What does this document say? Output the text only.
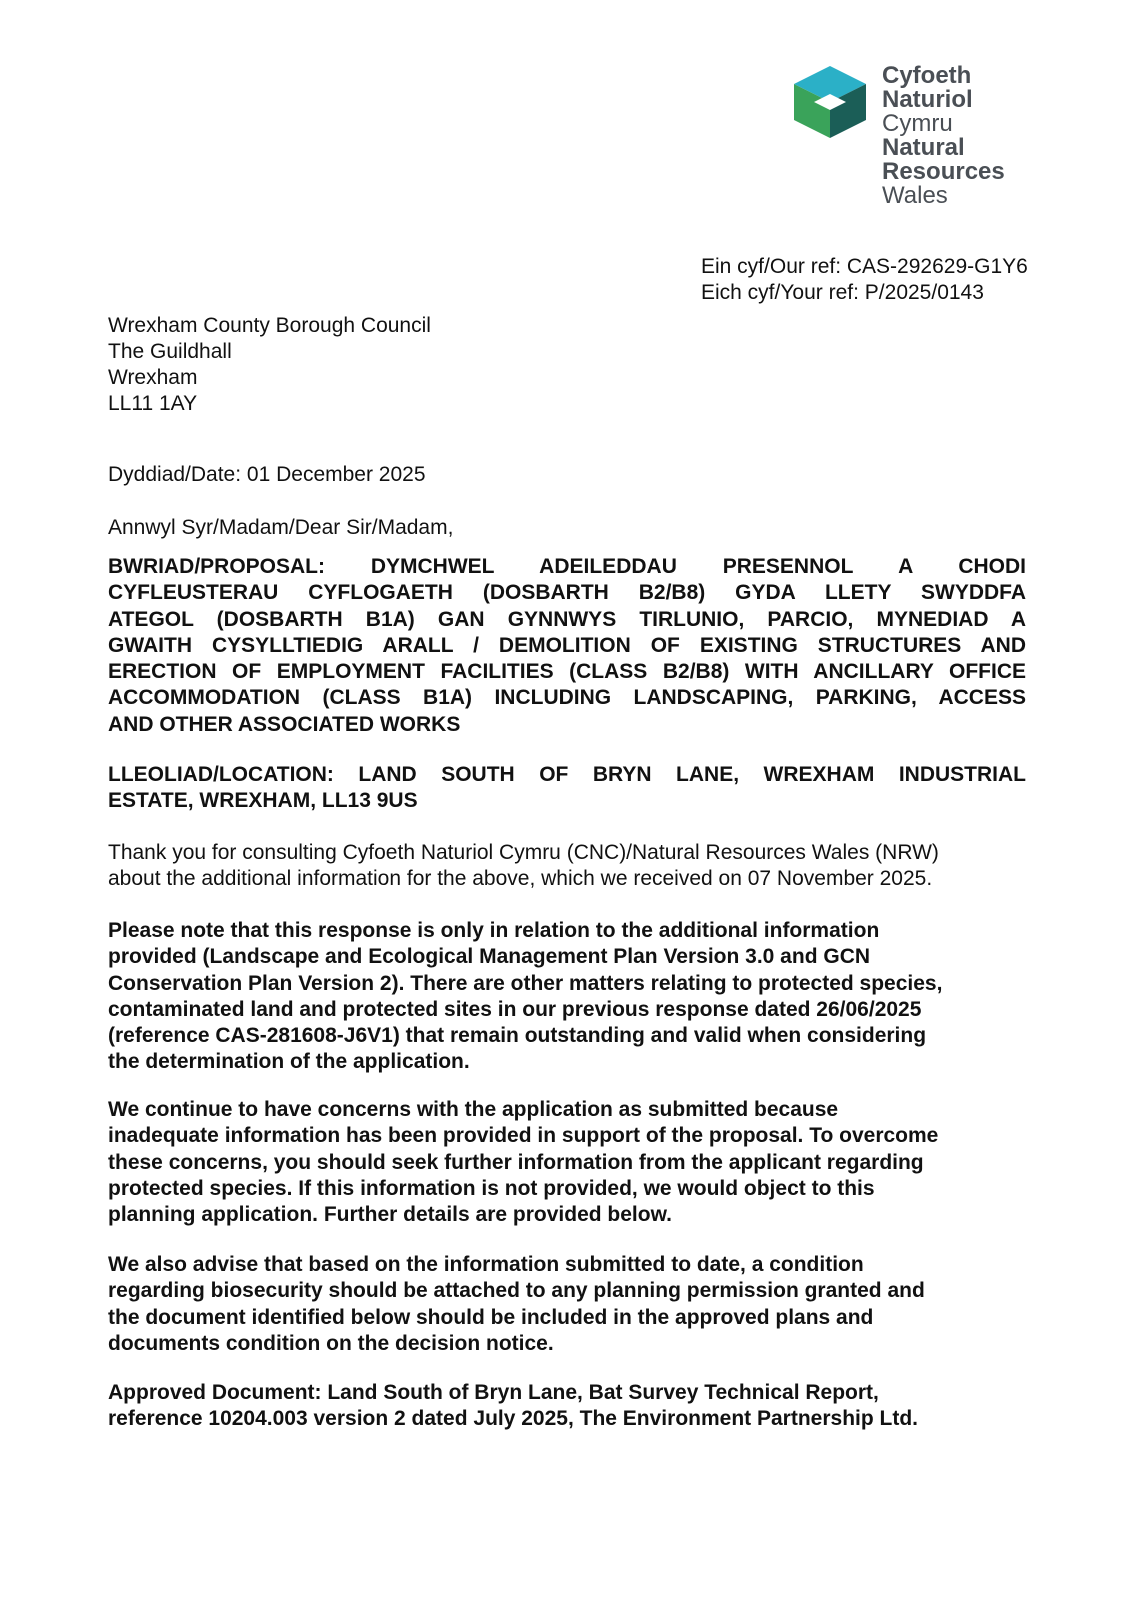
Cyfoeth
Naturiol
Cymru
Natural
Resources
Wales
Ein cyf/Our ref: CAS-292629-G1Y6
Eich cyf/Your ref: P/2025/0143
Wrexham County Borough Council
The Guildhall
Wrexham
LL11 1AY
Dyddiad/Date: 01 December 2025
Annwyl Syr/Madam/Dear Sir/Madam,
BWRIAD/PROPOSAL: DYMCHWEL ADEILEDDAU PRESENNOL A CHODI
CYFLEUSTERAU CYFLOGAETH (DOSBARTH B2/B8) GYDA LLETY SWYDDFA
ATEGOL (DOSBARTH B1A) GAN GYNNWYS TIRLUNIO, PARCIO, MYNEDIAD A
GWAITH CYSYLLTIEDIG ARALL / DEMOLITION OF EXISTING STRUCTURES AND
ERECTION OF EMPLOYMENT FACILITIES (CLASS B2/B8) WITH ANCILLARY OFFICE
ACCOMMODATION (CLASS B1A) INCLUDING LANDSCAPING, PARKING, ACCESS
AND OTHER ASSOCIATED WORKS
LLEOLIAD/LOCATION: LAND SOUTH OF BRYN LANE, WREXHAM INDUSTRIAL
ESTATE, WREXHAM, LL13 9US
Thank you for consulting Cyfoeth Naturiol Cymru (CNC)/Natural Resources Wales (NRW)
about the additional information for the above, which we received on 07 November 2025.
Please note that this response is only in relation to the additional information
provided (Landscape and Ecological Management Plan Version 3.0 and GCN
Conservation Plan Version 2). There are other matters relating to protected species,
contaminated land and protected sites in our previous response dated 26/06/2025
(reference CAS-281608-J6V1) that remain outstanding and valid when considering
the determination of the application.
We continue to have concerns with the application as submitted because
inadequate information has been provided in support of the proposal. To overcome
these concerns, you should seek further information from the applicant regarding
protected species. If this information is not provided, we would object to this
planning application. Further details are provided below.
We also advise that based on the information submitted to date, a condition
regarding biosecurity should be attached to any planning permission granted and
the document identified below should be included in the approved plans and
documents condition on the decision notice.
Approved Document: Land South of Bryn Lane, Bat Survey Technical Report,
reference 10204.003 version 2 dated July 2025, The Environment Partnership Ltd.
